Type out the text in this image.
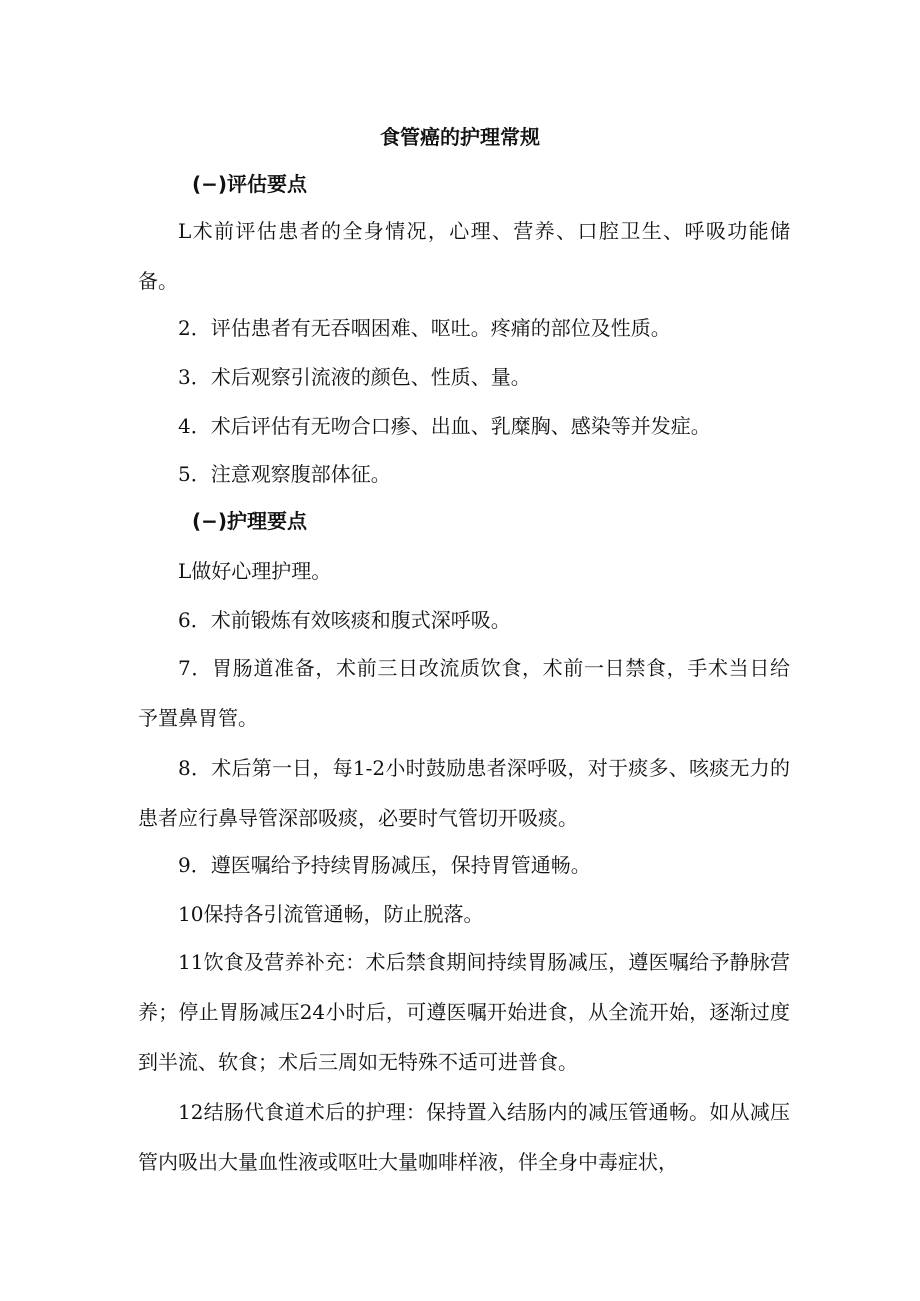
食管癌的护理常规
(−)评估要点

L术前评估患者的全身情况，心理、营养、口腔卫生、呼吸功能储备。

2．评估患者有无吞咽困难、呕吐。疼痛的部位及性质。
3．术后观察引流液的颜色、性质、量。
4．术后评估有无吻合口瘆、出血、乳糜胸、感染等并发症。
5．注意观察腹部体征。
(−)护理要点
L做好心理护理。
6．术前锻炼有效咳痰和腹式深呼吸。

7．胃肠道准备，术前三日改流质饮食，术前一日禁食，手术当日给予置鼻胃管。

8．术后第一日，每1-2小时鼓励患者深呼吸，对于痰多、咳痰无力的患者应行鼻导管深部吸痰，必要时气管切开吸痰。

9．遵医嘱给予持续胃肠减压，保持胃管通畅。
10保持各引流管通畅，防止脱落。

11饮食及营养补充：术后禁食期间持续胃肠减压，遵医嘱给予静脉营养；停止胃肠减压24小时后，可遵医嘱开始进食，从全流开始，逐渐过度到半流、软食；术后三周如无特殊不适可进普食。

12结肠代食道术后的护理：保持置入结肠内的减压管通畅。如从减压管内吸出大量血性液或呕吐大量咖啡样液，伴全身中毒症状，
